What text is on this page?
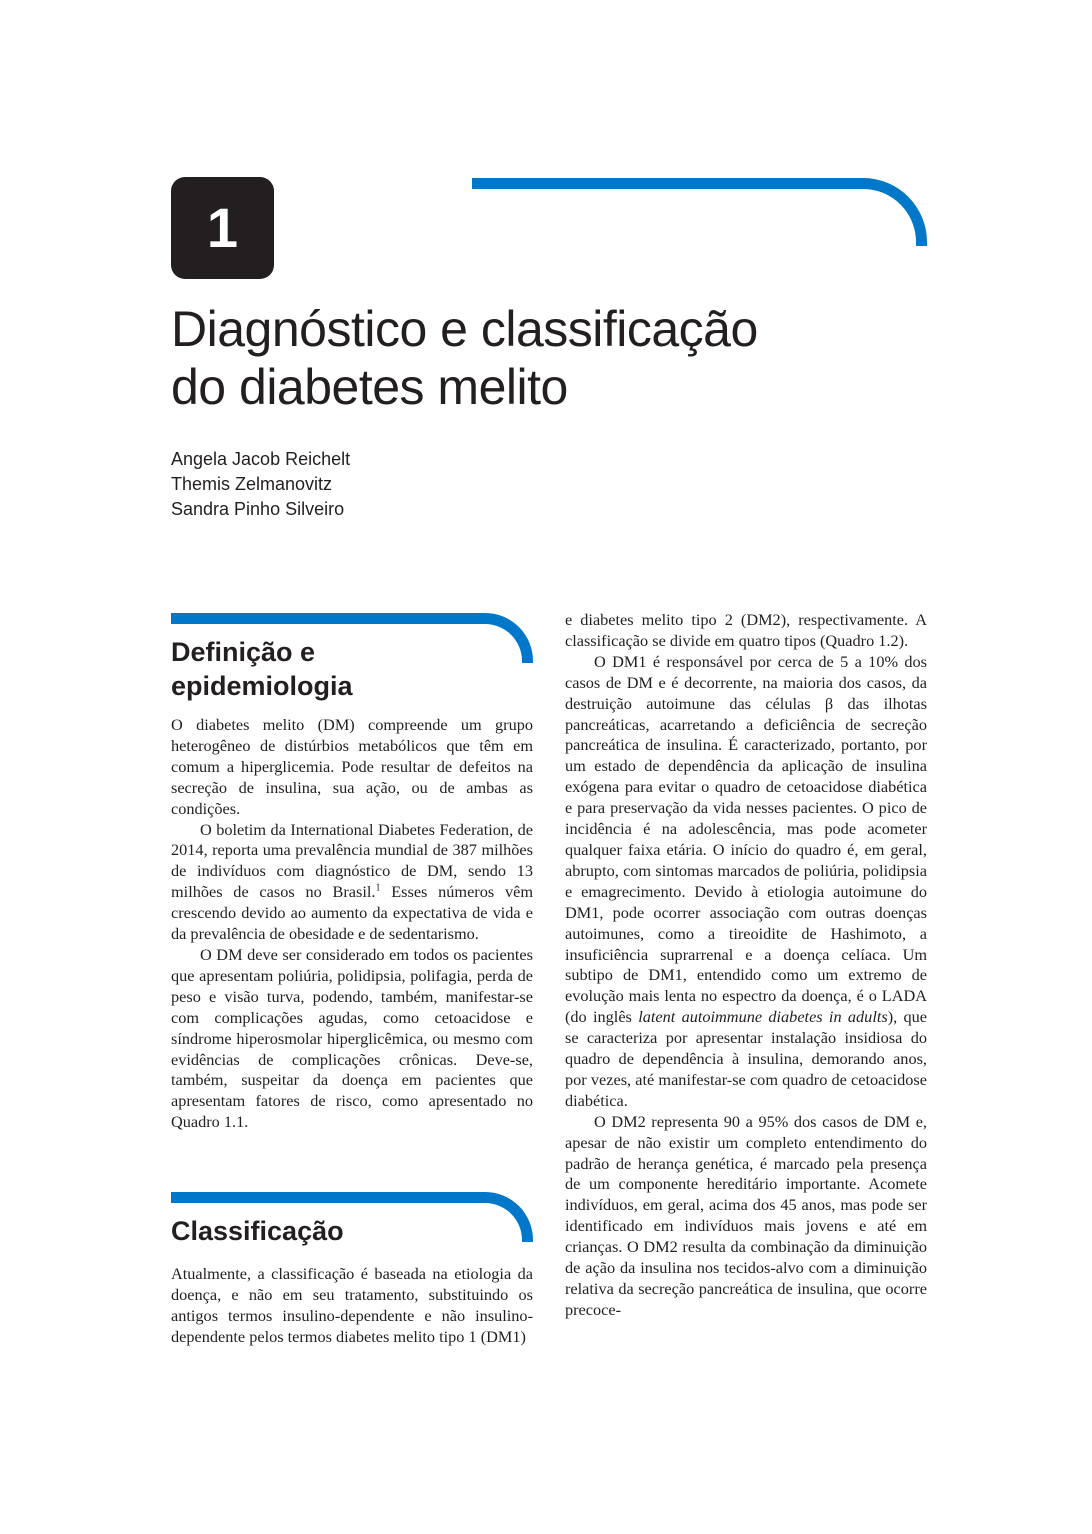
1
Diagnóstico e classificação
do diabetes melito
Angela Jacob Reichelt
Themis Zelmanovitz
Sandra Pinho Silveiro
Definição e
epidemiologia

O diabetes melito (DM) compreende um grupo heterogêneo de distúrbios metabólicos que têm em comum a hiperglicemia. Pode resultar de defeitos na secreção de insulina, sua ação, ou de ambas as condições.

O boletim da International Diabetes Federation, de 2014, reporta uma prevalência mundial de 387 milhões de indivíduos com diagnóstico de DM, sendo 13 milhões de casos no Brasil.$^1$ Esses números vêm crescendo devido ao aumento da expectativa de vida e da prevalência de obesidade e de sedentarismo.

O DM deve ser considerado em todos os pacientes que apresentam poliúria, polidipsia, polifagia, perda de peso e visão turva, podendo, também, manifestar-se com complicações agudas, como cetoacidose e síndrome hiperosmolar hiperglicêmica, ou mesmo com evidências de complicações crônicas. Deve-se, também, suspeitar da doença em pacientes que apresentam fatores de risco, como apresentado no Quadro 1.1.

Classificação

Atualmente, a classificação é baseada na etiologia da doença, e não em seu tratamento, substituindo os antigos termos insulino-dependente e não insulino-dependente pelos termos diabetes melito tipo 1 (DM1)

e diabetes melito tipo 2 (DM2), respectivamente. A classificação se divide em quatro tipos (Quadro 1.2).

O DM1 é responsável por cerca de 5 a 10% dos casos de DM e é decorrente, na maioria dos casos, da destruição autoimune das células β das ilhotas pancreáticas, acarretando a deficiência de secreção pancreática de insulina. É caracterizado, portanto, por um estado de dependência da aplicação de insulina exógena para evitar o quadro de cetoacidose diabética e para preservação da vida nesses pacientes. O pico de incidência é na adolescência, mas pode acometer qualquer faixa etária. O início do quadro é, em geral, abrupto, com sintomas marcados de poliúria, polidipsia e emagrecimento. Devido à etiologia autoimune do DM1, pode ocorrer associação com outras doenças autoimunes, como a tireoidite de Hashimoto, a insuficiência suprarrenal e a doença celíaca. Um subtipo de DM1, entendido como um extremo de evolução mais lenta no espectro da doença, é o LADA (do inglês latent autoimmune diabetes in adults), que se caracteriza por apresentar instalação insidiosa do quadro de dependência à insulina, demorando anos, por vezes, até manifestar-se com quadro de cetoacidose diabética.

O DM2 representa 90 a 95% dos casos de DM e, apesar de não existir um completo entendimento do padrão de herança genética, é marcado pela presença de um componente hereditário importante. Acomete indivíduos, em geral, acima dos 45 anos, mas pode ser identificado em indivíduos mais jovens e até em crianças. O DM2 resulta da combinação da diminuição de ação da insulina nos tecidos-alvo com a diminuição relativa da secreção pancreática de insulina, que ocorre precoce-
